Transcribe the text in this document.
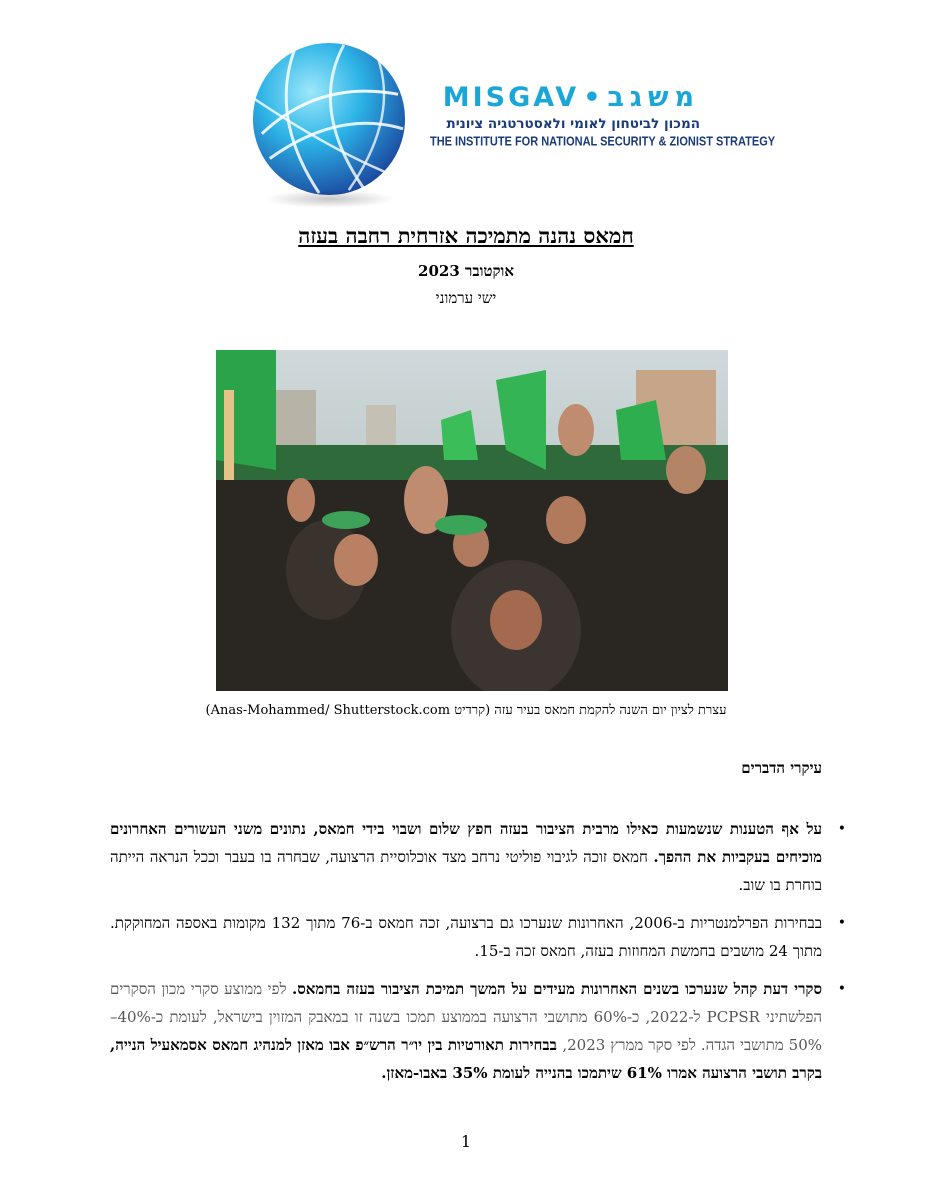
MISGAV • משגב
המכון לביטחון לאומי ולאסטרטגיה ציונית
THE INSTITUTE FOR NATIONAL SECURITY & ZIONIST STRATEGY
חמאס נהנה מתמיכה אזרחית רחבה בעזה
אוקטובר 2023
ישי ערמוני
עצרת לציון יום השנה להקמת חמאס בעיר עזה (קרדיט Anas-Mohammed/ Shutterstock.com)
עיקרי הדברים
• על אף הטענות שנשמעות כאילו מרבית הציבור בעזה חפץ שלום ושבוי בידי חמאס, נתונים משני העשורים האחרונים מוכיחים בעקביות את ההפך. חמאס זוכה לגיבוי פוליטי נרחב מצד אוכלוסיית הרצועה, שבחרה בו בעבר וככל הנראה הייתה בוחרת בו שוב.
• בבחירות הפרלמנטריות ב-2006, האחרונות שנערכו גם ברצועה, זכה חמאס ב-76 מתוך 132 מקומות באספה המחוקקת. מתוך 24 מושבים בחמשת המחוזות בעזה, חמאס זכה ב-15.
• סקרי דעת קהל שנערכו בשנים האחרונות מעידים על המשך תמיכת הציבור בעזה בחמאס. לפי ממוצע סקרי מכון הסקרים הפלשתיני PCPSR ל-2022, כ-60% מתושבי הרצועה בממוצע תמכו בשנה זו במאבק המזוין בישראל, לעומת כ-40%–50% מתושבי הגדה. לפי סקר ממרץ 2023, בבחירות תאורטיות בין יו״ר הרש״פ אבו מאזן למנהיג חמאס אסמאעיל הנייה, בקרב תושבי הרצועה אמרו 61% שיתמכו בהנייה לעומת 35% באבו-מאזן.
1
